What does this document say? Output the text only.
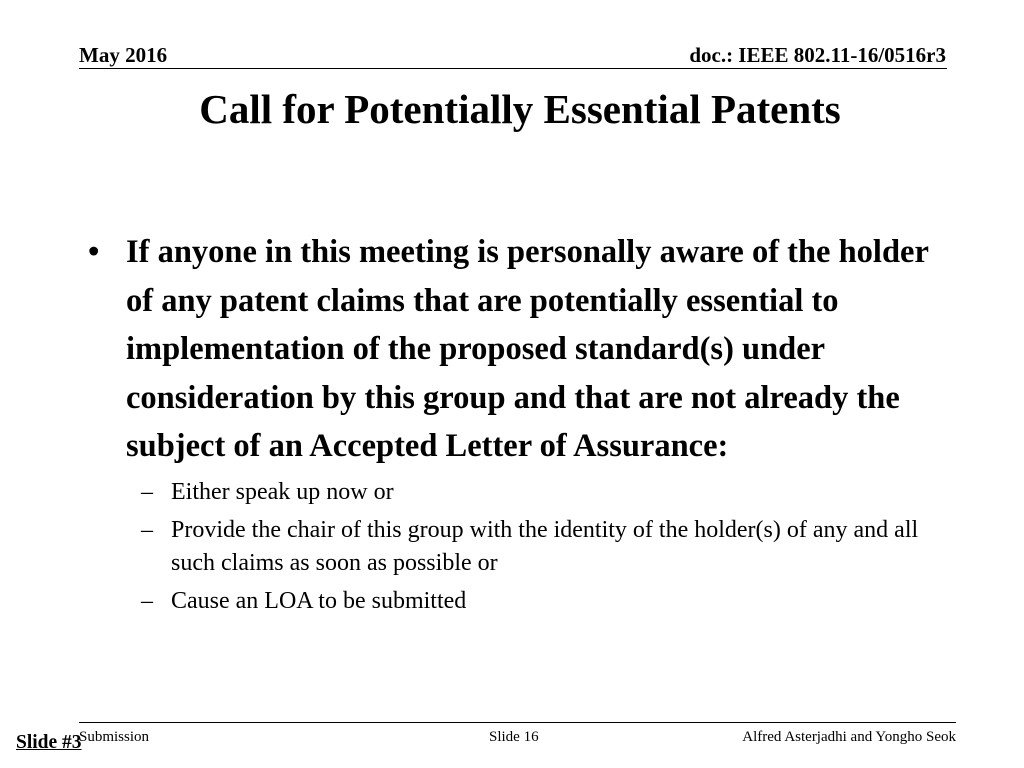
May 2016	doc.: IEEE 802.11-16/0516r3
Call for Potentially Essential Patents
• If anyone in this meeting is personally aware of the holder of any patent claims that are potentially essential to implementation of the proposed standard(s) under consideration by this group and that are not already the subject of an Accepted Letter of Assurance:
– Either speak up now or
– Provide the chair of this group with the identity of the holder(s) of any and all such claims as soon as possible or
– Cause an LOA to be submitted
Submission	Slide 16	Alfred Asterjadhi and Yongho Seok
Slide #3
